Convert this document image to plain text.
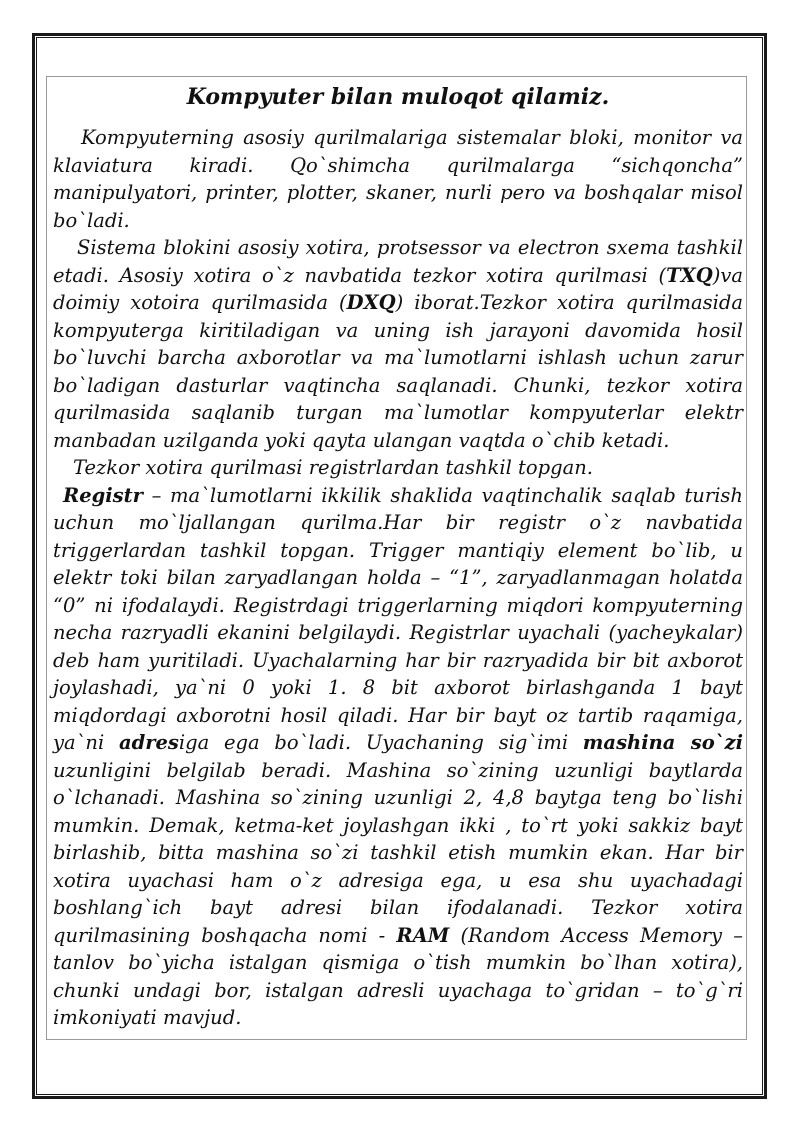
Kompyuter bilan muloqot qilamiz.

Kompyuterning asosiy qurilmalariga sistemalar bloki, monitor va klaviatura kiradi. Qo`shimcha qurilmalarga “sichqoncha” manipulyatori, printer, plotter, skaner, nurli pero va boshqalar misol bo`ladi.

Sistema blokini asosiy xotira, protsessor va electron sxema tashkil etadi. Asosiy xotira o`z navbatida tezkor xotira qurilmasi (TXQ)va doimiy xotoira qurilmasida (DXQ) iborat.Tezkor xotira qurilmasida kompyuterga kiritiladigan va uning ish jarayoni davomida hosil bo`luvchi barcha axborotlar va ma`lumotlarni ishlash uchun zarur bo`ladigan dasturlar vaqtincha saqlanadi. Chunki, tezkor xotira qurilmasida saqlanib turgan ma`lumotlar kompyuterlar elektr manbadan uzilganda yoki qayta ulangan vaqtda o`chib ketadi.

Tezkor xotira qurilmasi registrlardan tashkil topgan.

Registr – ma`lumotlarni ikkilik shaklida vaqtinchalik saqlab turish uchun mo`ljallangan qurilma.Har bir registr o`z navbatida triggerlardan tashkil topgan. Trigger mantiqiy element bo`lib, u elektr toki bilan zaryadlangan holda – “1”, zaryadlanmagan holatda “0” ni ifodalaydi. Registrdagi triggerlarning miqdori kompyuterning necha razryadli ekanini belgilaydi. Registrlar uyachali (yacheykalar) deb ham yuritiladi. Uyachalarning har bir razryadida bir bit axborot joylashadi, ya`ni 0 yoki 1. 8 bit axborot birlashganda 1 bayt miqdordagi axborotni hosil qiladi. Har bir bayt oz tartib raqamiga, ya`ni adresiga ega bo`ladi. Uyachaning sig`imi mashina so`zi uzunligini belgilab beradi. Mashina so`zining uzunligi baytlarda o`lchanadi. Mashina so`zining uzunligi 2, 4,8 baytga teng bo`lishi mumkin. Demak, ketma-ket joylashgan ikki , to`rt yoki sakkiz bayt birlashib, bitta mashina so`zi tashkil etish mumkin ekan. Har bir xotira uyachasi ham o`z adresiga ega, u esa shu uyachadagi boshlang`ich bayt adresi bilan ifodalanadi. Tezkor xotira qurilmasining boshqacha nomi - RAM (Random Access Memory – tanlov bo`yicha istalgan qismiga o`tish mumkin bo`lhan xotira), chunki undagi bor, istalgan adresli uyachaga to`gridan – to`g`ri imkoniyati mavjud.
